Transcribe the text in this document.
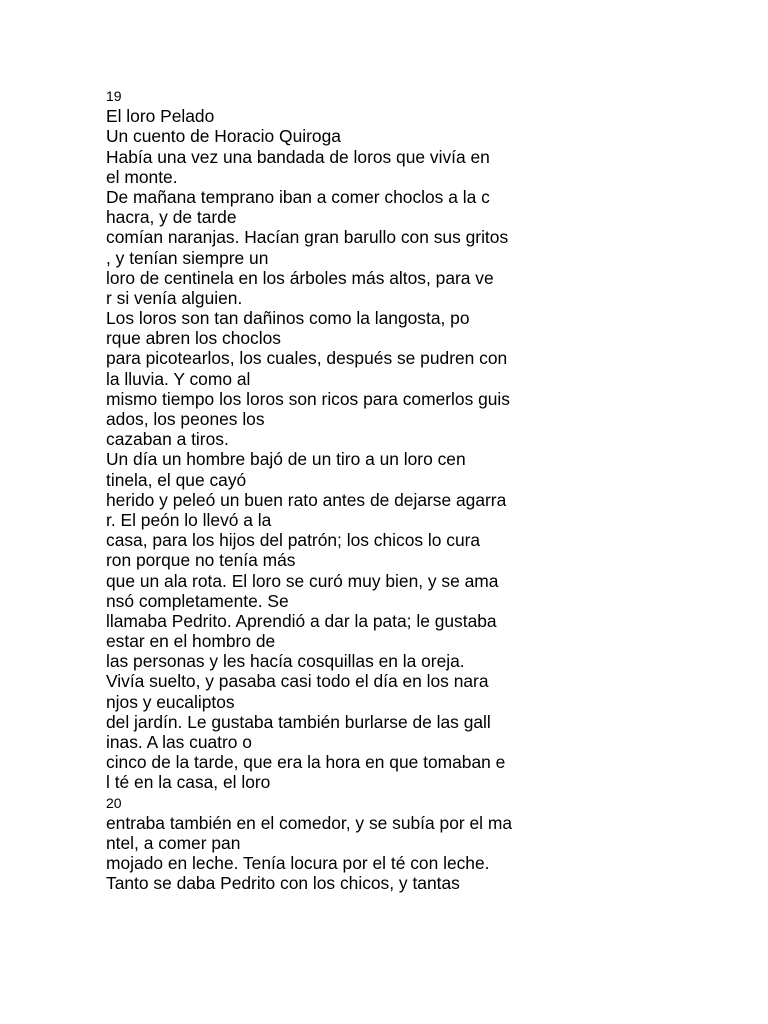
19
El loro Pelado
Un cuento de Horacio Quiroga
Había una vez una bandada de loros que vivía en
el monte.
De mañana temprano iban a comer choclos a la c
hacra, y de tarde
comían naranjas. Hacían gran barullo con sus gritos
, y tenían siempre un
loro de centinela en los árboles más altos, para ve
r si venía alguien.
Los loros son tan dañinos como la langosta, po
rque abren los choclos
para picotearlos, los cuales, después se pudren con
la lluvia. Y como al
mismo tiempo los loros son ricos para comerlos guis
ados, los peones los
cazaban a tiros.
Un día un hombre bajó de un tiro a un loro cen
tinela, el que cayó
herido y peleó un buen rato antes de dejarse agarra
r. El peón lo llevó a la
casa, para los hijos del patrón; los chicos lo cura
ron porque no tenía más
que un ala rota. El loro se curó muy bien, y se ama
nsó completamente. Se
llamaba Pedrito. Aprendió a dar la pata; le gustaba
estar en el hombro de
las personas y les hacía cosquillas en la oreja.
Vivía suelto, y pasaba casi todo el día en los nara
njos y eucaliptos
del jardín. Le gustaba también burlarse de las gall
inas. A las cuatro o
cinco de la tarde, que era la hora en que tomaban e
l té en la casa, el loro
20
entraba también en el comedor, y se subía por el ma
ntel, a comer pan
mojado en leche. Tenía locura por el té con leche.
Tanto se daba Pedrito con los chicos, y tantas
